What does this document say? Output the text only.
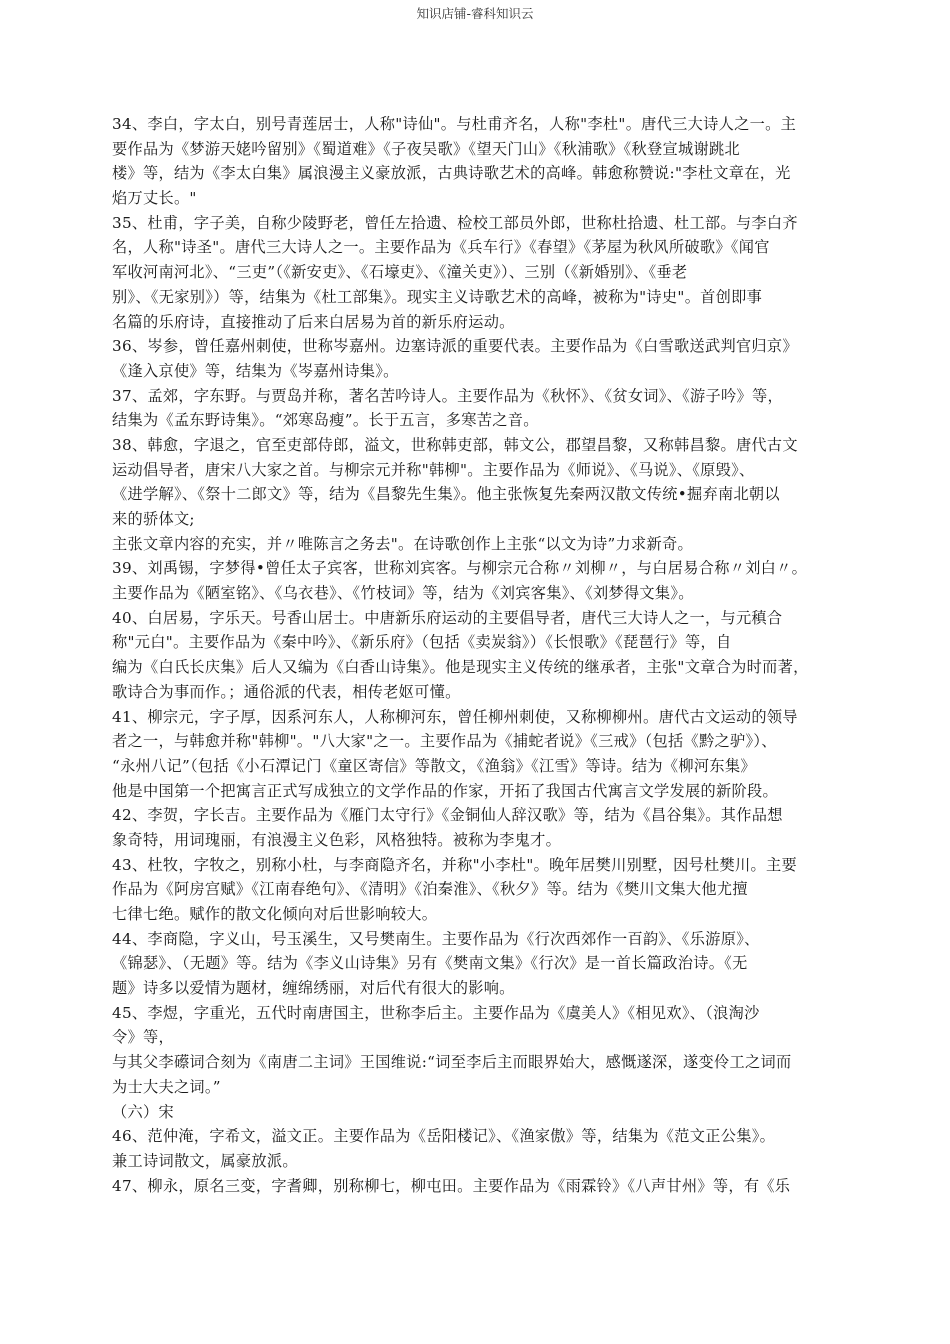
知识店铺-睿科知识云
34、李白，字太白，别号青莲居士，人称"诗仙"。与杜甫齐名，人称"李杜"。唐代三大诗人之一。主
要作品为《梦游天姥吟留别》《蜀道难》《子夜吴歌》《望天门山》《秋浦歌》《秋登宣城谢跳北
楼》等，结为《李太白集》属浪漫主义豪放派，古典诗歌艺术的高峰。韩愈称赞说:"李杜文章在，光
焰万丈长。"
35、杜甫，字子美，自称少陵野老，曾任左拾遗、检校工部员外郎，世称杜拾遗、杜工部。与李白齐
名，人称"诗圣"。唐代三大诗人之一。主要作品为《兵车行》《春望》《茅屋为秋风所破歌》《闻官
军收河南河北》、“三吏”（《新安吏》、《石壕吏》、《潼关吏》）、三别（《新婚别》、《垂老
别》、《无家别》）等，结集为《杜工部集》。现实主义诗歌艺术的高峰，被称为"诗史"。首创即事
名篇的乐府诗，直接推动了后来白居易为首的新乐府运动。
36、岑参，曾任嘉州刺使，世称岑嘉州。边塞诗派的重要代表。主要作品为《白雪歌送武判官归京》
《逢入京使》等，结集为《岑嘉州诗集》。
37、孟郊，字东野。与贾岛并称，著名苦吟诗人。主要作品为《秋怀》、《贫女词》、《游子吟》等，
结集为《孟东野诗集》。“郊寒岛瘦”。长于五言，多寒苦之音。
38、韩愈，字退之，官至吏部侍郎，溢文，世称韩吏部，韩文公，郡望昌黎，又称韩昌黎。唐代古文
运动倡导者，唐宋八大家之首。与柳宗元并称"韩柳"。主要作品为《师说》、《马说》、《原毁》、
《进学解》、《祭十二郎文》等，结为《昌黎先生集》。他主张恢复先秦两汉散文传统•掘弃南北朝以
来的骄体文;
主张文章内容的充实，并〃唯陈言之务去"。在诗歌创作上主张“以文为诗”力求新奇。
39、刘禹锡，字梦得•曾任太子宾客，世称刘宾客。与柳宗元合称〃刘柳〃，与白居易合称〃刘白〃。
主要作品为《陋室铭》、《乌衣巷》、《竹枝词》等，结为《刘宾客集》、《刘梦得文集》。
40、白居易，字乐天。号香山居士。中唐新乐府运动的主要倡导者，唐代三大诗人之一，与元稹合
称"元白"。主要作品为《秦中吟》、《新乐府》（包括《卖炭翁》）《长恨歌》《琵琶行》等，自
编为《白氏长庆集》后人又编为《白香山诗集》。他是现实主义传统的继承者，主张"文章合为时而著，
歌诗合为事而作。；通俗派的代表，相传老妪可懂。
41、柳宗元，字子厚，因系河东人，人称柳河东，曾任柳州刺使，又称柳柳州。唐代古文运动的领导
者之一，与韩愈并称"韩柳"。"八大家"之一。主要作品为《捕蛇者说》《三戒》（包括《黔之驴》）、
“永州八记”（包括《小石潭记门《童区寄信》等散文，《渔翁》《江雪》等诗。结为《柳河东集》
他是中国第一个把寓言正式写成独立的文学作品的作家，开拓了我国古代寓言文学发展的新阶段。
42、李贺，字长吉。主要作品为《雁门太守行》《金铜仙人辞汉歌》等，结为《昌谷集》。其作品想
象奇特，用词瑰丽，有浪漫主义色彩，风格独特。被称为李鬼才。
43、杜牧，字牧之，别称小杜，与李商隐齐名，并称"小李杜"。晚年居樊川别墅，因号杜樊川。主要
作品为《阿房宫赋》《江南春绝句》、《清明》《泊秦淮》、《秋夕》等。结为《樊川文集大他尤擅
七律七绝。赋作的散文化倾向对后世影响较大。
44、李商隐，字义山，号玉溪生，又号樊南生。主要作品为《行次西郊作一百韵》、《乐游原》、
《锦瑟》、（无题》等。结为《李义山诗集》另有《樊南文集》《行次》是一首长篇政治诗。《无
题》诗多以爱情为题材，缠绵绣丽，对后代有很大的影响。
45、李煜，字重光，五代时南唐国主，世称李后主。主要作品为《虞美人》《相见欢》、（浪淘沙
令》等，
与其父李礤词合刻为《南唐二主词》王国维说:“词至李后主而眼界始大，感慨遂深，遂变伶工之词而
为士大夫之词。”
（六）宋
46、范仲淹，字希文，溢文正。主要作品为《岳阳楼记》、《渔家傲》等，结集为《范文正公集》。
兼工诗词散文，属豪放派。
47、柳永，原名三变，字耆卿，别称柳七，柳屯田。主要作品为《雨霖铃》《八声甘州》等，有《乐
